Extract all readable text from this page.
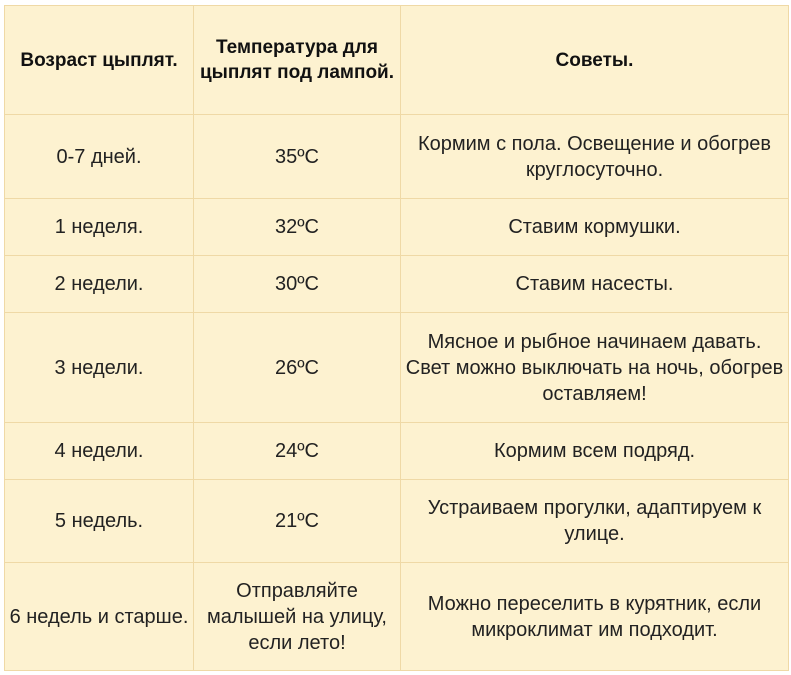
Возраст цыплят.	Температура для цыплят под лампой.	Советы.
0-7 дней.	35ºC	Кормим с пола. Освещение и обогрев круглосуточно.
1 неделя.	32ºC	Ставим кормушки.
2 недели.	30ºC	Ставим насесты.
3 недели.	26ºC	Мясное и рыбное начинаем давать. Свет можно выключать на ночь, обогрев оставляем!
4 недели.	24ºC	Кормим всем подряд.
5 недель.	21ºC	Устраиваем прогулки, адаптируем к улице.
6 недель и старше.	Отправляйте малышей на улицу, если лето!	Можно переселить в курятник, если микроклимат им подходит.
